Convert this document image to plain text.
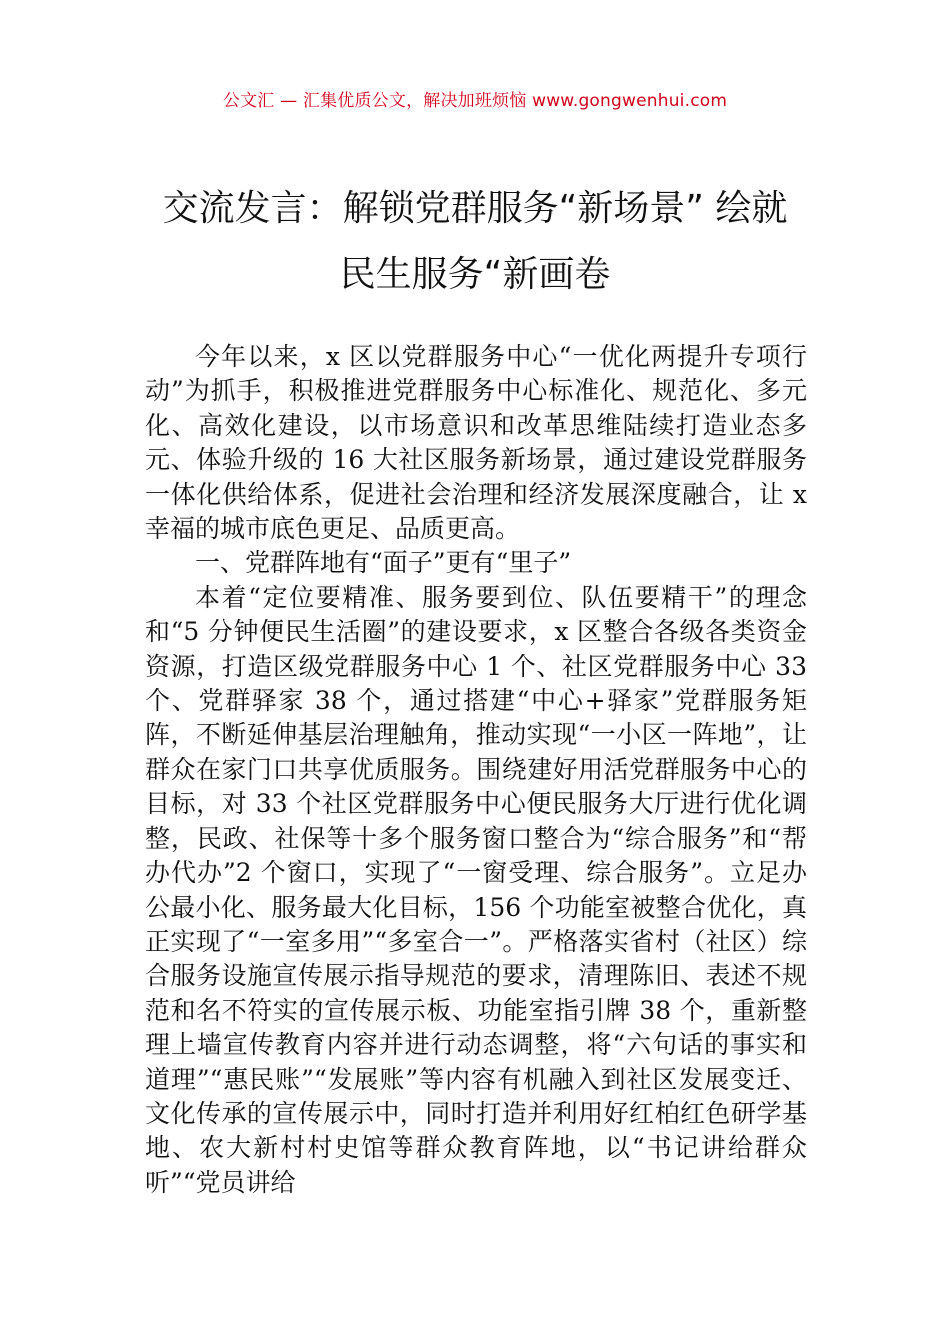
公文汇 — 汇集优质公文，解决加班烦恼 www.gongwenhui.com
交流发言：解锁党群服务“新场景” 绘就
民生服务“新画卷

今年以来，x 区以党群服务中心“一优化两提升专项行动”为抓手，积极推进党群服务中心标准化、规范化、多元化、高效化建设，以市场意识和改革思维陆续打造业态多元、体验升级的 16 大社区服务新场景，通过建设党群服务一体化供给体系，促进社会治理和经济发展深度融合，让 x 幸福的城市底色更足、品质更高。

一、党群阵地有“面子”更有“里子”

本着“定位要精准、服务要到位、队伍要精干”的理念和“5 分钟便民生活圈”的建设要求，x 区整合各级各类资金资源，打造区级党群服务中心 1 个、社区党群服务中心 33 个、党群驿家 38 个，通过搭建“中心+驿家”党群服务矩阵，不断延伸基层治理触角，推动实现“一小区一阵地”，让群众在家门口共享优质服务。围绕建好用活党群服务中心的目标，对 33 个社区党群服务中心便民服务大厅进行优化调整，民政、社保等十多个服务窗口整合为“综合服务”和“帮办代办”2 个窗口，实现了“一窗受理、综合服务”。立足办公最小化、服务最大化目标，156 个功能室被整合优化，真正实现了“一室多用”“多室合一”。严格落实省村（社区）综合服务设施宣传展示指导规范的要求，清理陈旧、表述不规范和名不符实的宣传展示板、功能室指引牌 38 个，重新整理上墙宣传教育内容并进行动态调整，将“六句话的事实和道理”“惠民账”“发展账”等内容有机融入到社区发展变迁、文化传承的宣传展示中，同时打造并利用好红柏红色研学基地、农大新村村史馆等群众教育阵地，以“书记讲给群众听”“党员讲给
